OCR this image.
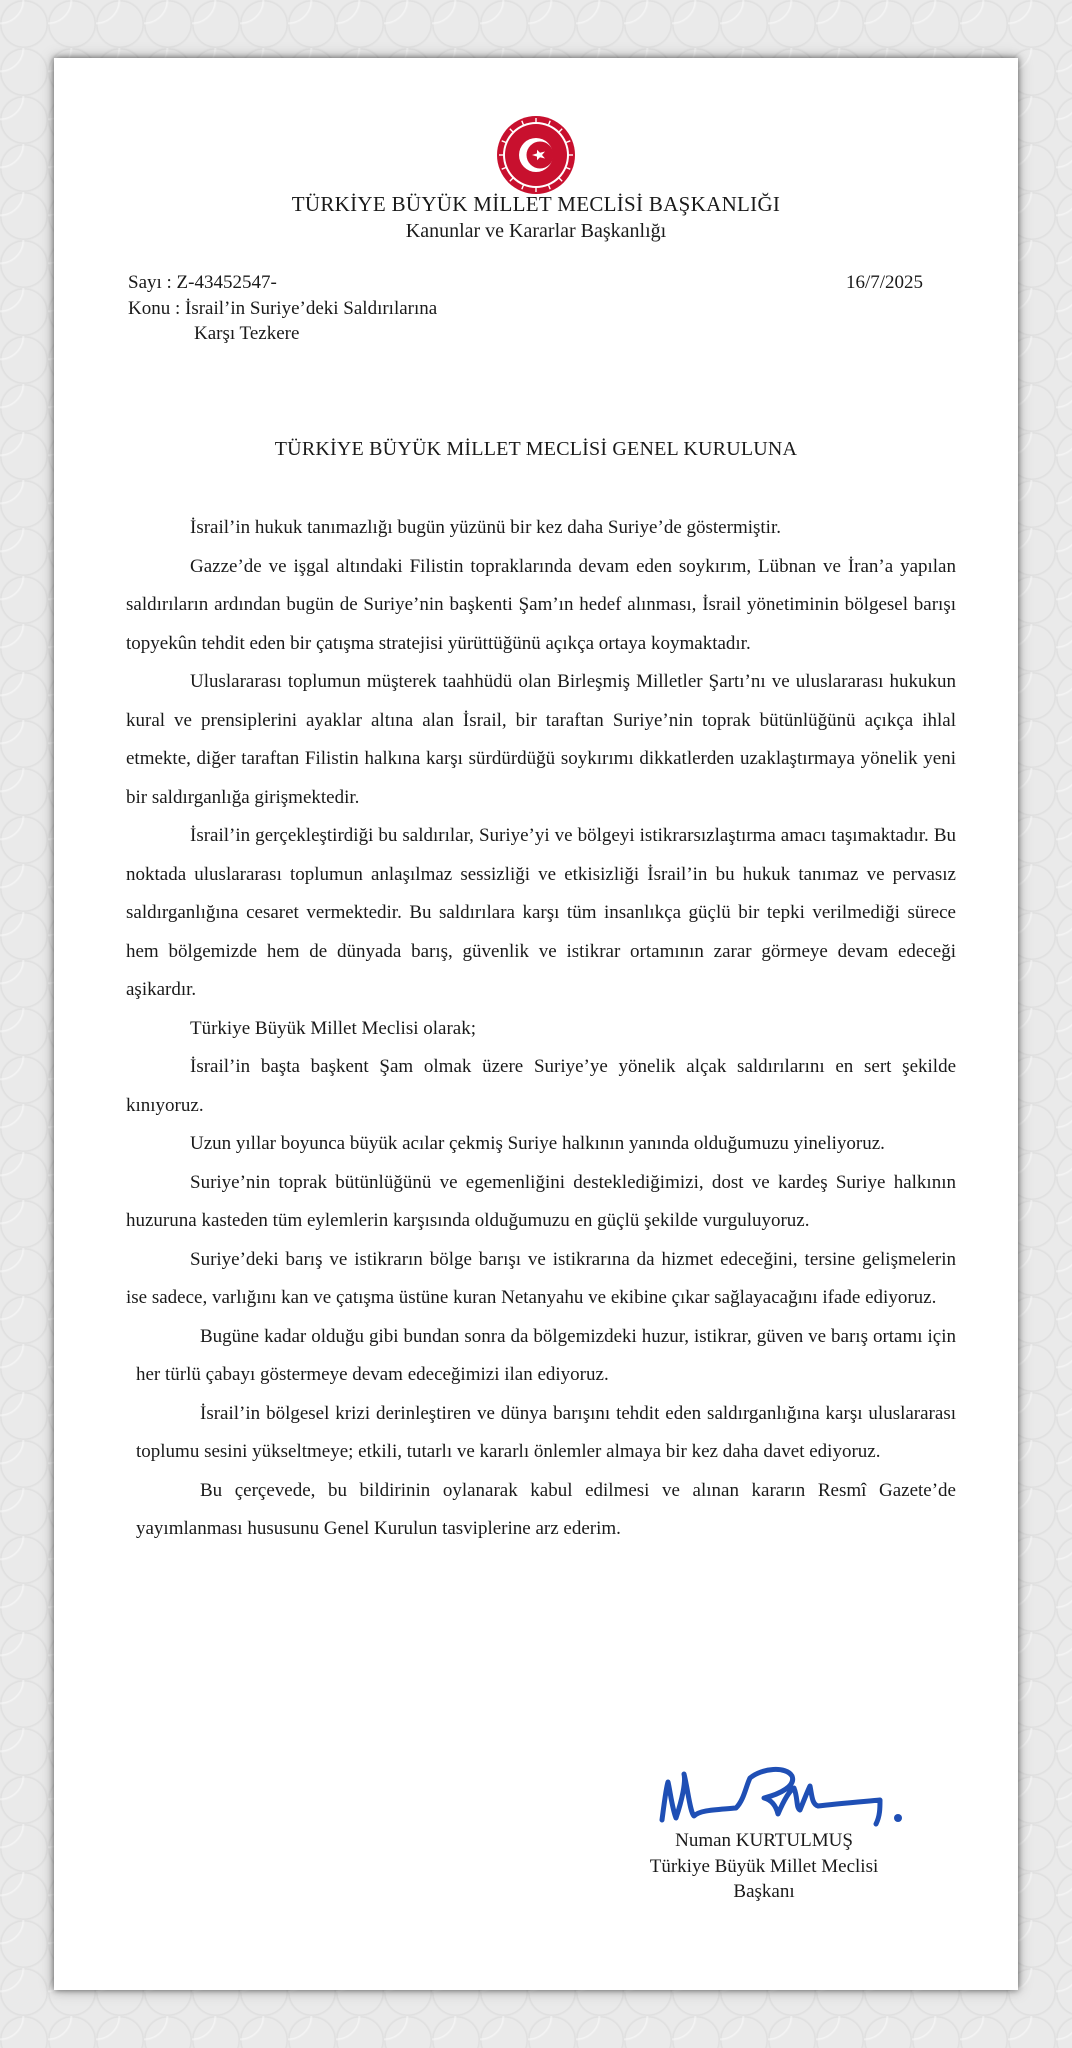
TÜRKİYE BÜYÜK MİLLET MECLİSİ BAŞKANLIĞI
Kanunlar ve Kararlar Başkanlığı
Sayı : Z-43452547-
Konu : İsrail’in Suriye’deki Saldırılarına
Karşı Tezkere
16/7/2025
TÜRKİYE BÜYÜK MİLLET MECLİSİ GENEL KURULUNA

İsrail’in hukuk tanımazlığı bugün yüzünü bir kez daha Suriye’de göstermiştir.

Gazze’de ve işgal altındaki Filistin topraklarında devam eden soykırım, Lübnan ve İran’a yapılan saldırıların ardından bugün de Suriye’nin başkenti Şam’ın hedef alınması, İsrail yönetiminin bölgesel barışı topyekûn tehdit eden bir çatışma stratejisi yürüttüğünü açıkça ortaya koymaktadır.

Uluslararası toplumun müşterek taahhüdü olan Birleşmiş Milletler Şartı’nı ve uluslararası hukukun kural ve prensiplerini ayaklar altına alan İsrail, bir taraftan Suriye’nin toprak bütünlüğünü açıkça ihlal etmekte, diğer taraftan Filistin halkına karşı sürdürdüğü soykırımı dikkatlerden uzaklaştırmaya yönelik yeni bir saldırganlığa girişmektedir.

İsrail’in gerçekleştirdiği bu saldırılar, Suriye’yi ve bölgeyi istikrarsızlaştırma amacı taşımaktadır. Bu noktada uluslararası toplumun anlaşılmaz sessizliği ve etkisizliği İsrail’in bu hukuk tanımaz ve pervasız saldırganlığına cesaret vermektedir. Bu saldırılara karşı tüm insanlıkça güçlü bir tepki verilmediği sürece hem bölgemizde hem de dünyada barış, güvenlik ve istikrar ortamının zarar görmeye devam edeceği aşikardır.

Türkiye Büyük Millet Meclisi olarak;

İsrail’in başta başkent Şam olmak üzere Suriye’ye yönelik alçak saldırılarını en sert şekilde kınıyoruz.

Uzun yıllar boyunca büyük acılar çekmiş Suriye halkının yanında olduğumuzu yineliyoruz.

Suriye’nin toprak bütünlüğünü ve egemenliğini desteklediğimizi, dost ve kardeş Suriye halkının huzuruna kasteden tüm eylemlerin karşısında olduğumuzu en güçlü şekilde vurguluyoruz.

Suriye’deki barış ve istikrarın bölge barışı ve istikrarına da hizmet edeceğini, tersine gelişmelerin ise sadece, varlığını kan ve çatışma üstüne kuran Netanyahu ve ekibine çıkar sağlayacağını ifade ediyoruz.

Bugüne kadar olduğu gibi bundan sonra da bölgemizdeki huzur, istikrar, güven ve barış ortamı için her türlü çabayı göstermeye devam edeceğimizi ilan ediyoruz.

İsrail’in bölgesel krizi derinleştiren ve dünya barışını tehdit eden saldırganlığına karşı uluslararası toplumu sesini yükseltmeye; etkili, tutarlı ve kararlı önlemler almaya bir kez daha davet ediyoruz.

Bu çerçevede, bu bildirinin oylanarak kabul edilmesi ve alınan kararın Resmî Gazete’de yayımlanması hususunu Genel Kurulun tasviplerine arz ederim.

Numan KURTULMUŞ
Türkiye Büyük Millet Meclisi
Başkanı
